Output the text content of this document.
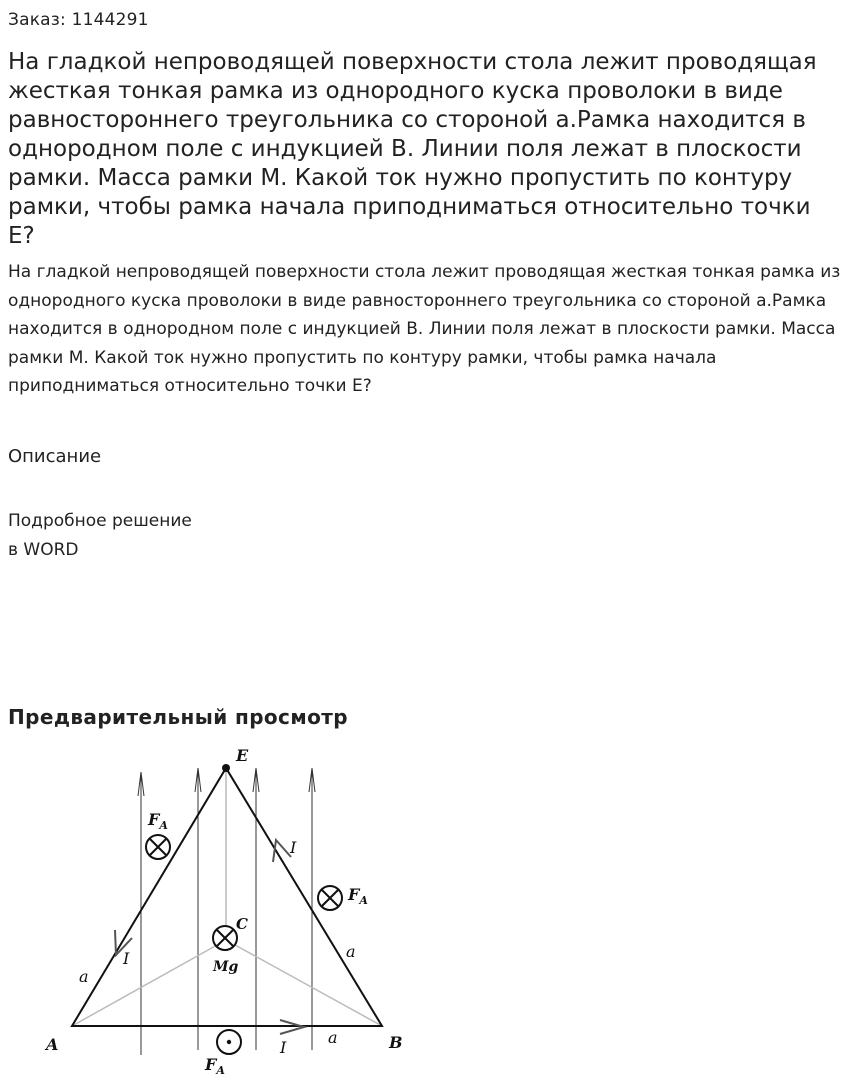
Заказ: 1144291
На гладкой непроводящей поверхности стола лежит проводящая жесткая тонкая рамка из однородного куска проволоки в виде равностороннего треугольника со стороной а.Рамка находится в однородном поле с индукцией В. Линии поля лежат в плоскости рамки. Масса рамки М. Какой ток нужно пропустить по контуру рамки, чтобы рамка начала приподниматься относительно точки Е?

На гладкой непроводящей поверхности стола лежит проводящая жесткая тонкая рамка из однородного куска проволоки в виде равностороннего треугольника со стороной а.Рамка находится в однородном поле с индукцией В. Линии поля лежат в плоскости рамки. Масса рамки М. Какой ток нужно пропустить по контуру рамки, чтобы рамка начала приподниматься относительно точки Е?

Описание
Подробное решение
в WORD
Предварительный просмотр
E
A	B
C
Mg
$F_A$
$F_A$
$F_A$
I
I
I
a
a
a
